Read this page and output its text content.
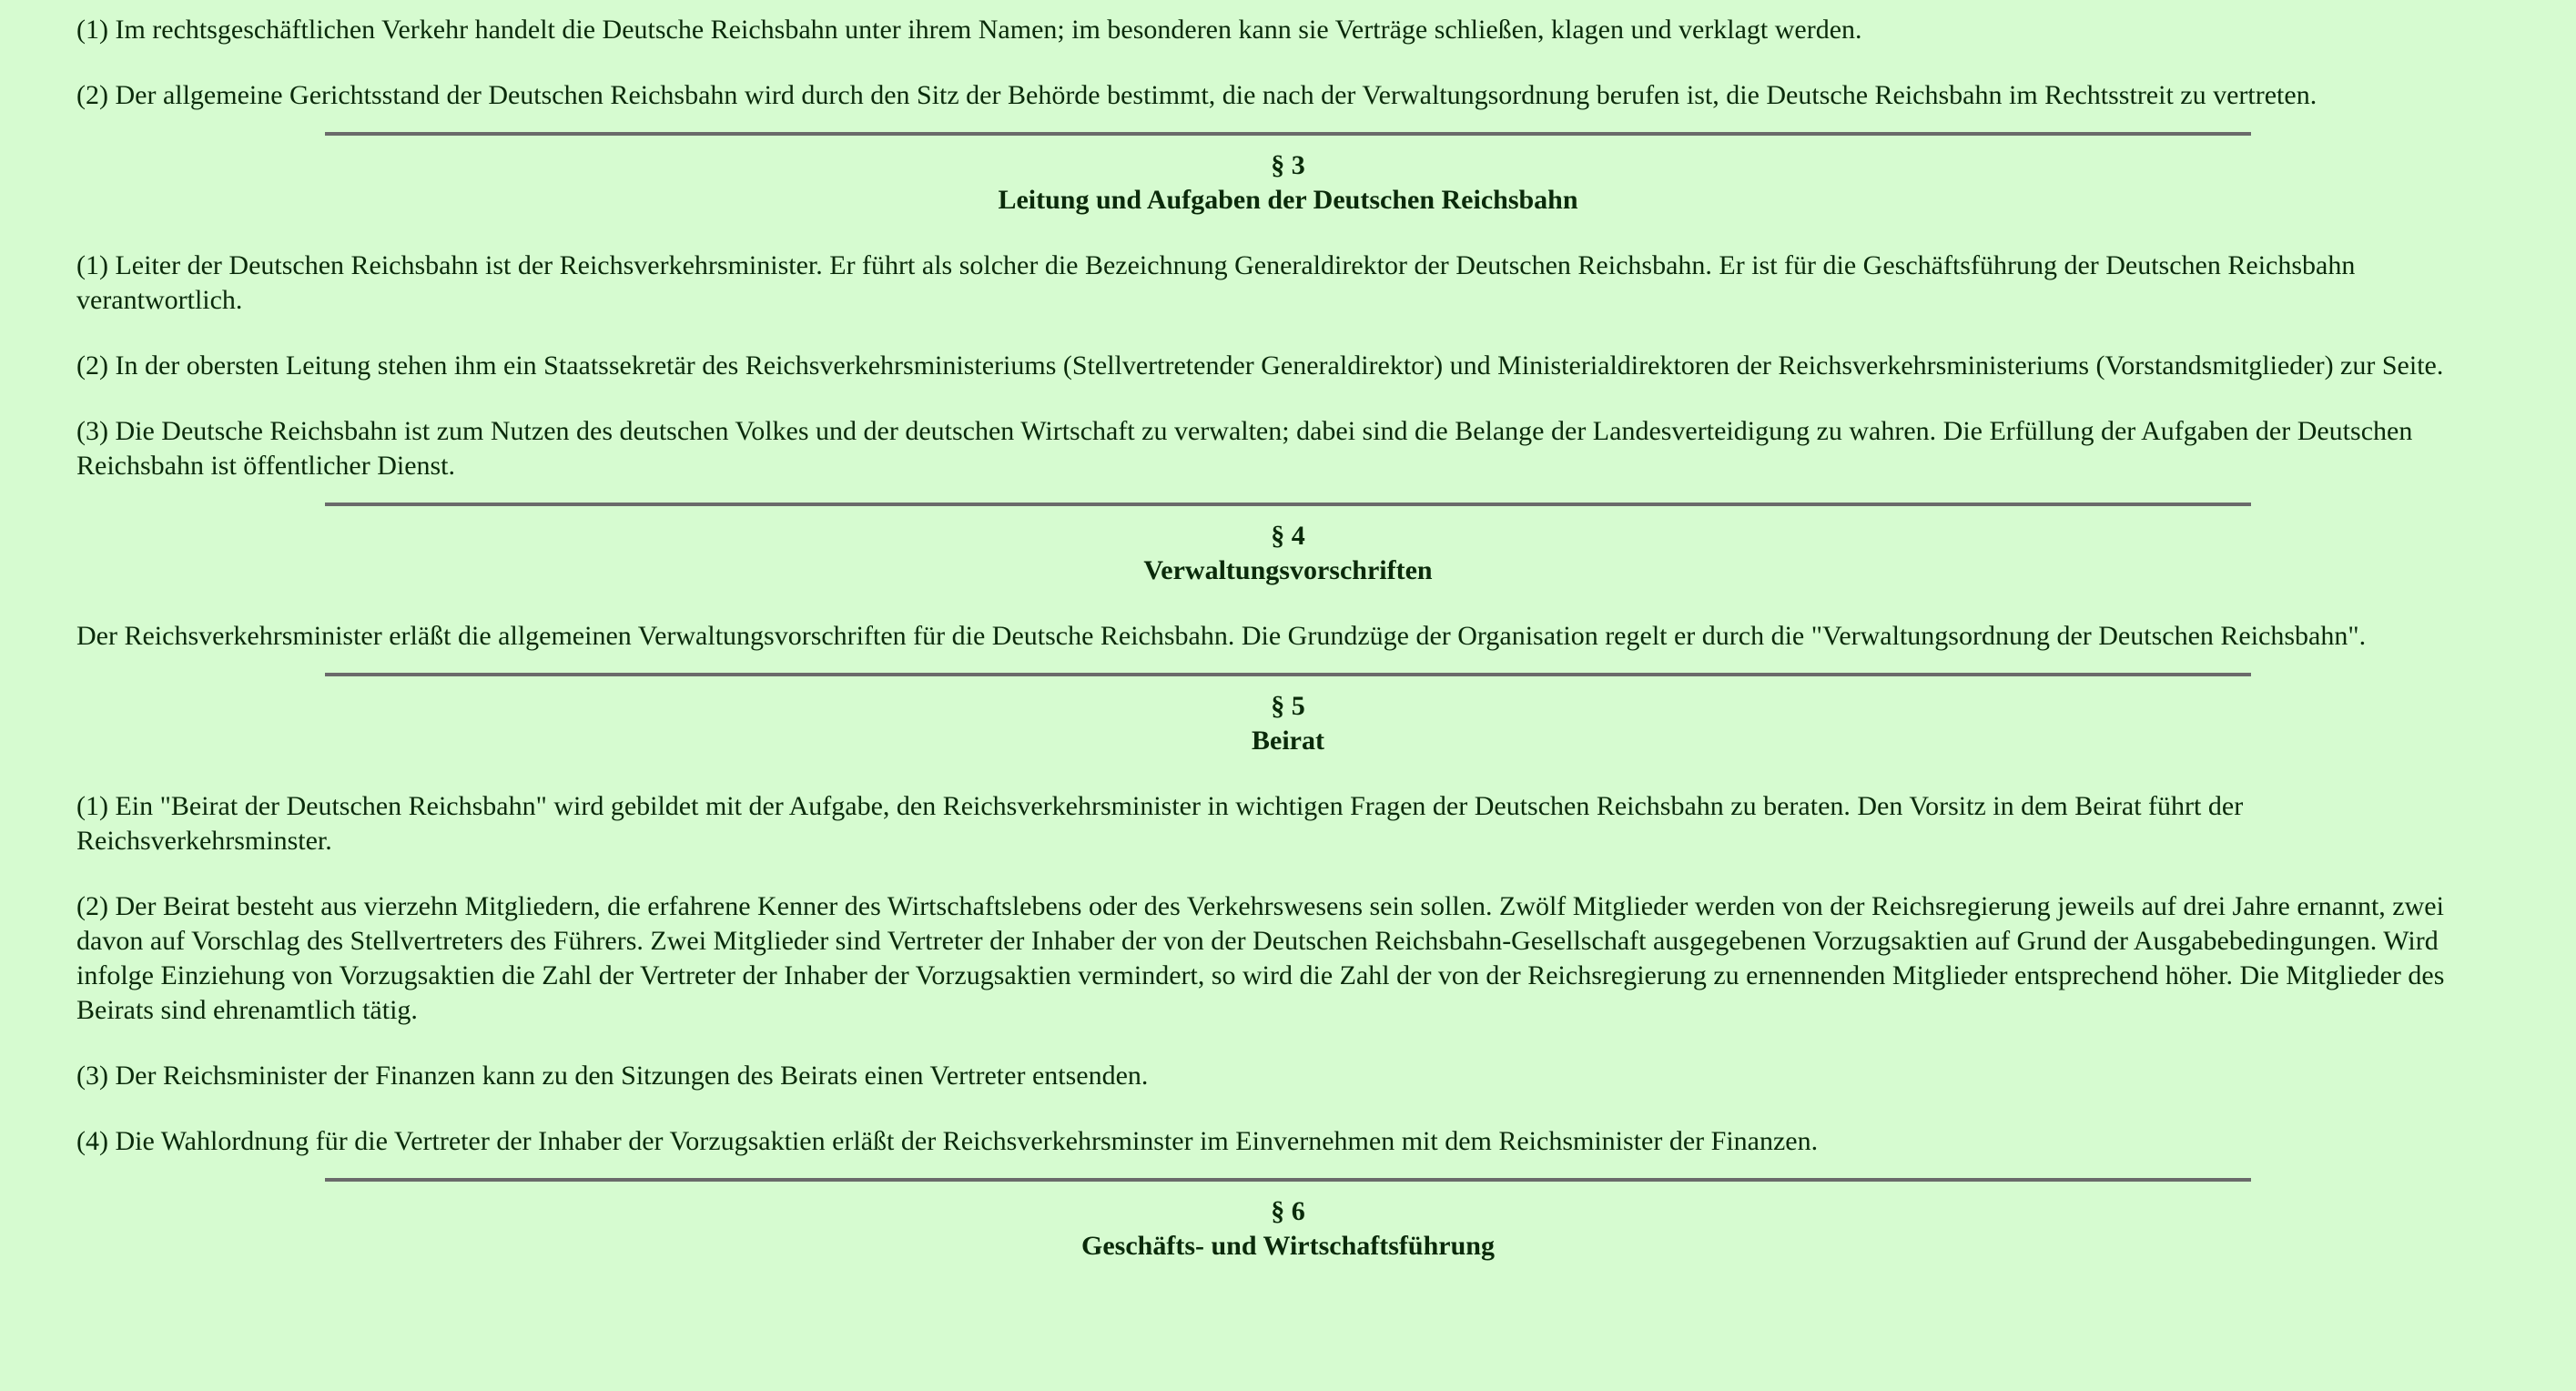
(1) Im rechtsgeschäftlichen Verkehr handelt die Deutsche Reichsbahn unter ihrem Namen; im besonderen kann sie Verträge schließen, klagen und verklagt werden.

(2) Der allgemeine Gerichtsstand der Deutschen Reichsbahn wird durch den Sitz der Behörde bestimmt, die nach der Verwaltungsordnung berufen ist, die Deutsche Reichsbahn im Rechtsstreit zu vertreten.

§ 3
Leitung und Aufgaben der Deutschen Reichsbahn

(1) Leiter der Deutschen Reichsbahn ist der Reichsverkehrsminister. Er führt als solcher die Bezeichnung Generaldirektor der Deutschen Reichsbahn. Er ist für die Geschäftsführung der Deutschen Reichsbahn verantwortlich.

(2) In der obersten Leitung stehen ihm ein Staatssekretär des Reichsverkehrsministeriums (Stellvertretender Generaldirektor) und Ministerialdirektoren der Reichsverkehrsministeriums (Vorstandsmitglieder) zur Seite.

(3) Die Deutsche Reichsbahn ist zum Nutzen des deutschen Volkes und der deutschen Wirtschaft zu verwalten; dabei sind die Belange der Landesverteidigung zu wahren. Die Erfüllung der Aufgaben der Deutschen Reichsbahn ist öffentlicher Dienst.

§ 4
Verwaltungsvorschriften

Der Reichsverkehrsminister erläßt die allgemeinen Verwaltungsvorschriften für die Deutsche Reichsbahn. Die Grundzüge der Organisation regelt er durch die "Verwaltungsordnung der Deutschen Reichsbahn".

§ 5
Beirat

(1) Ein "Beirat der Deutschen Reichsbahn" wird gebildet mit der Aufgabe, den Reichsverkehrsminister in wichtigen Fragen der Deutschen Reichsbahn zu beraten. Den Vorsitz in dem Beirat führt der Reichsverkehrsminster.

(2) Der Beirat besteht aus vierzehn Mitgliedern, die erfahrene Kenner des Wirtschaftslebens oder des Verkehrswesens sein sollen. Zwölf Mitglieder werden von der Reichsregierung jeweils auf drei Jahre ernannt, zwei davon auf Vorschlag des Stellvertreters des Führers. Zwei Mitglieder sind Vertreter der Inhaber der von der Deutschen Reichsbahn-Gesellschaft ausgegebenen Vorzugsaktien auf Grund der Ausgabebedingungen. Wird infolge Einziehung von Vorzugsaktien die Zahl der Vertreter der Inhaber der Vorzugsaktien vermindert, so wird die Zahl der von der Reichsregierung zu ernennenden Mitglieder entsprechend höher. Die Mitglieder des Beirats sind ehrenamtlich tätig.

(3) Der Reichsminister der Finanzen kann zu den Sitzungen des Beirats einen Vertreter entsenden.

(4) Die Wahlordnung für die Vertreter der Inhaber der Vorzugsaktien erläßt der Reichsverkehrsminster im Einvernehmen mit dem Reichsminister der Finanzen.

§ 6
Geschäfts- und Wirtschaftsführung
